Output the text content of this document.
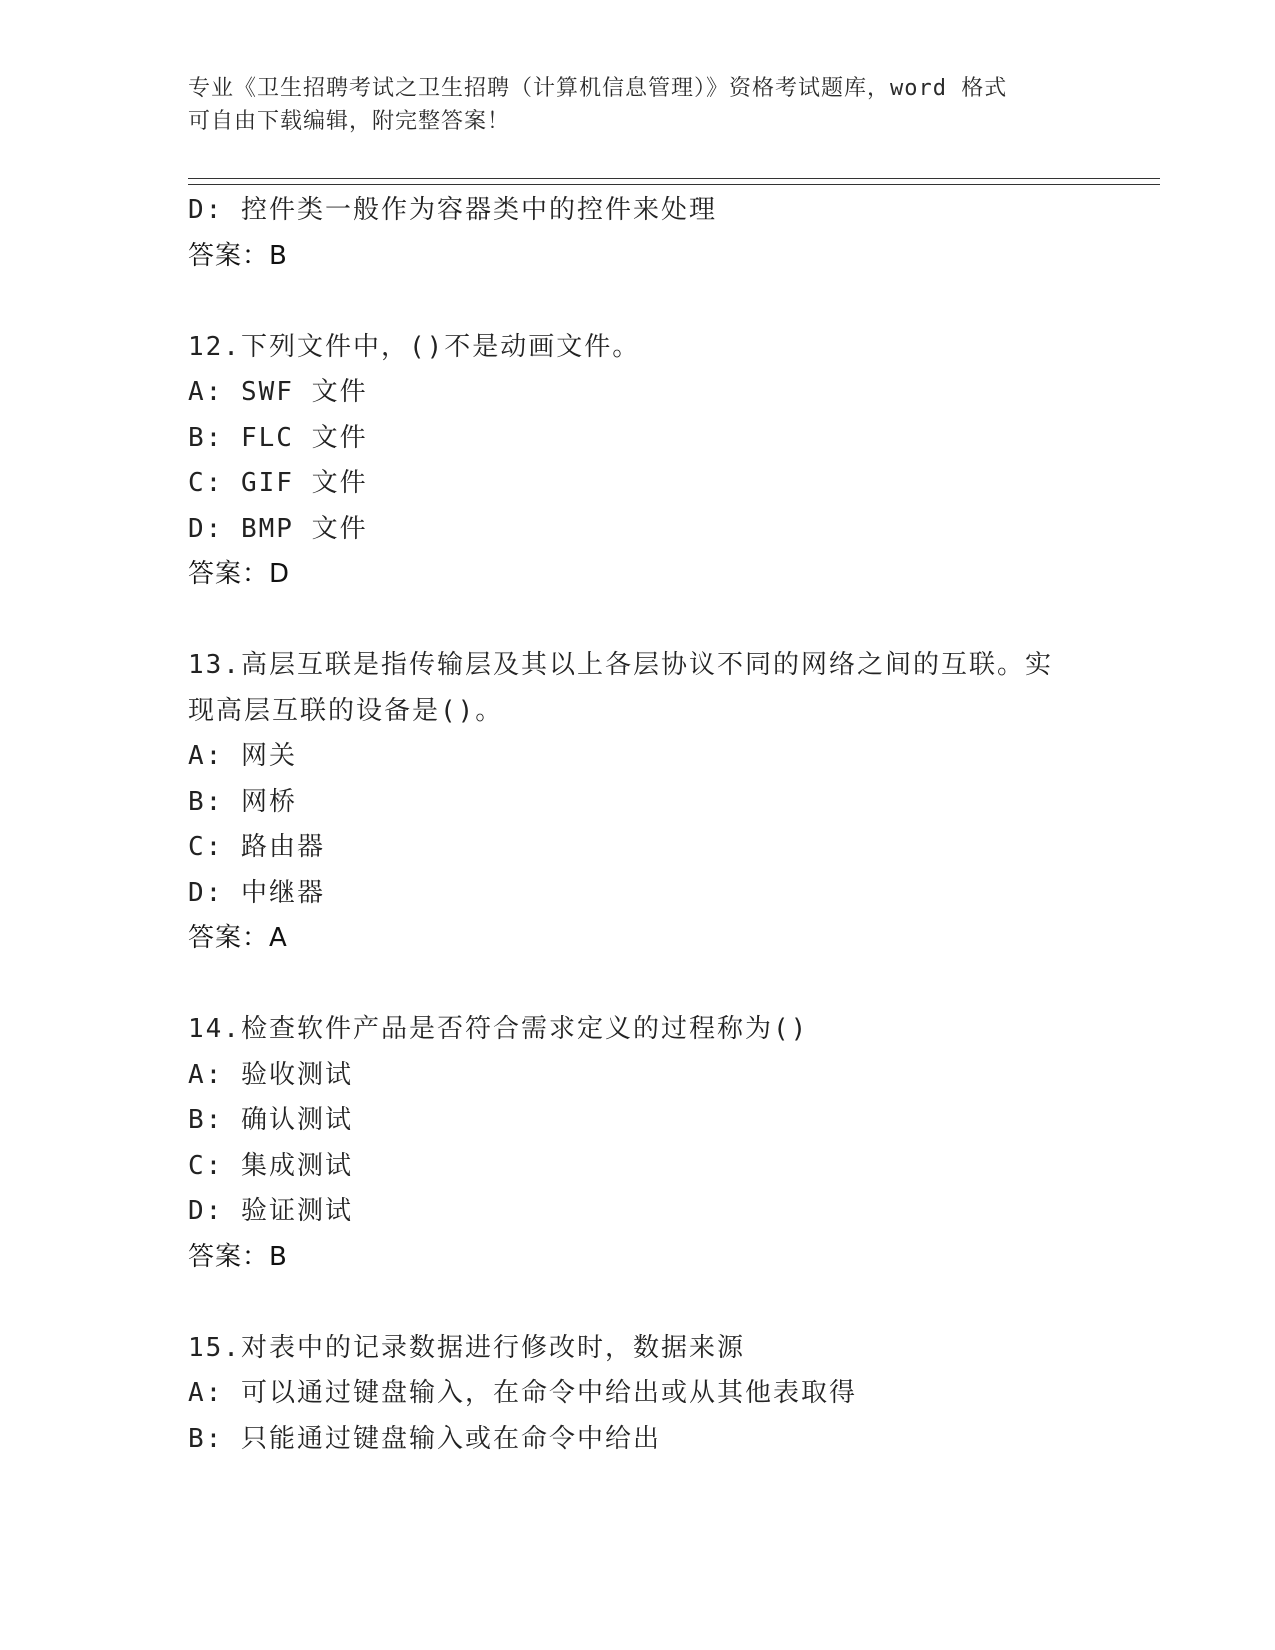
专业《卫生招聘考试之卫生招聘（计算机信息管理）》资格考试题库，word 格式
可自由下载编辑，附完整答案！
D: 控件类一般作为容器类中的控件来处理
答案：B
12.下列文件中，()不是动画文件。
A: SWF 文件
B: FLC 文件
C: GIF 文件
D: BMP 文件
答案：D
13.高层互联是指传输层及其以上各层协议不同的网络之间的互联。实
现高层互联的设备是()。
A: 网关
B: 网桥
C: 路由器
D: 中继器
答案：A
14.检查软件产品是否符合需求定义的过程称为()
A: 验收测试
B: 确认测试
C: 集成测试
D: 验证测试
答案：B
15.对表中的记录数据进行修改时，数据来源
A: 可以通过键盘输入，在命令中给出或从其他表取得
B: 只能通过键盘输入或在命令中给出
